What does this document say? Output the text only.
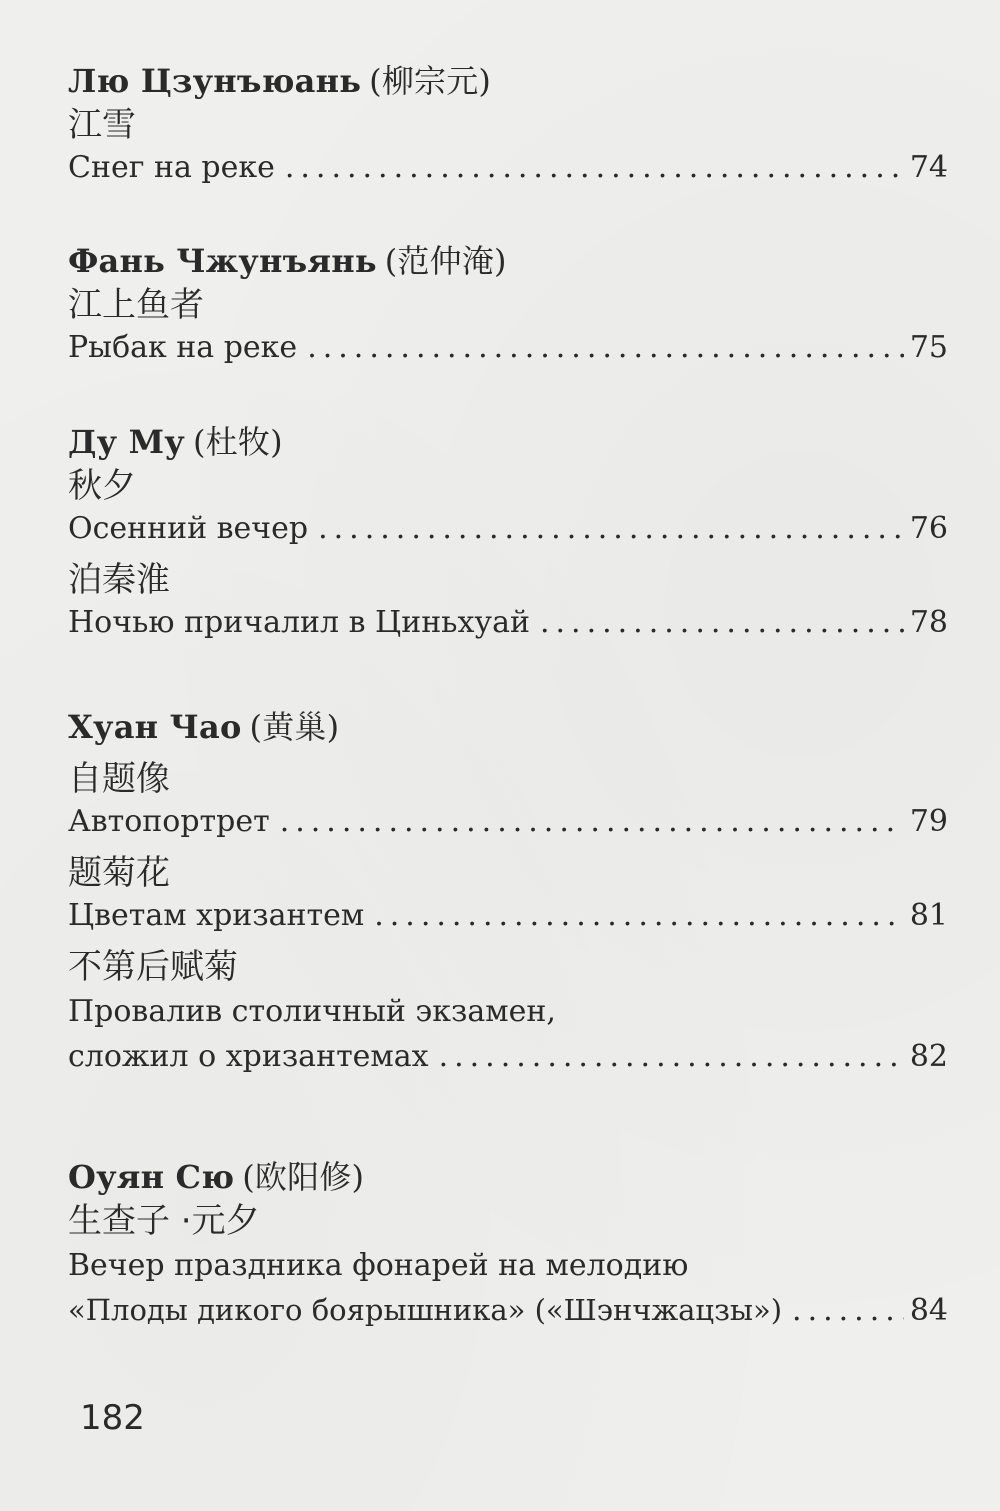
Лю Цзунъюань (柳宗元)
江雪
Снег на реке .....	74
Фань Чжунъянь (范仲淹)
江上鱼者
Рыбак на реке .....	75
Ду Му (杜牧)
秋夕
Осенний вечер .....	76
泊秦淮
Ночью причалил в Циньхуай .....	78
Хуан Чао (黄巢)
自题像
Автопортрет .....	79
题菊花
Цветам хризантем .....	81
不第后赋菊
Провалив столичный экзамен,
сложил о хризантемах .....	82
Оуян Сю (欧阳修)
生查子 ·元夕
Вечер праздника фонарей на мелодию
«Плоды дикого боярышника» («Шэнчжацзы») .....	84
182
